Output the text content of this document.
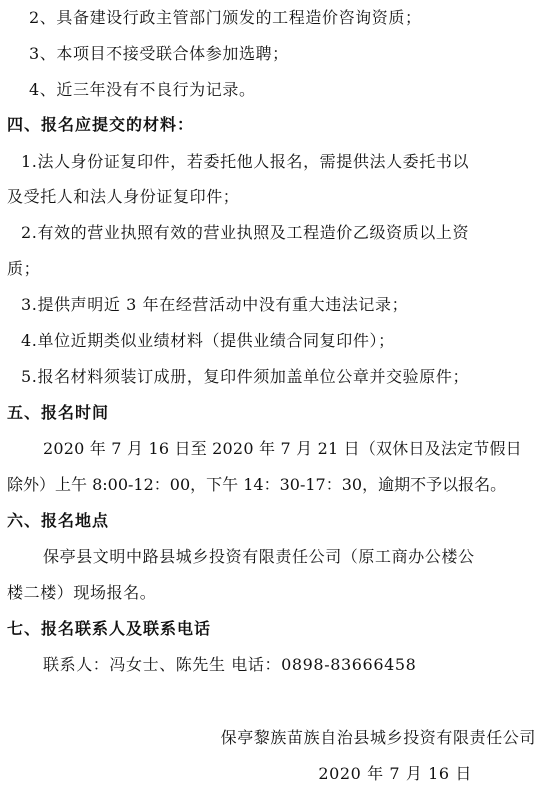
2、具备建设行政主管部门颁发的工程造价咨询资质；
3、本项目不接受联合体参加选聘；
4、近三年没有不良行为记录。
四、报名应提交的材料：
1.法人身份证复印件，若委托他人报名，需提供法人委托书以
及受托人和法人身份证复印件；
2.有效的营业执照有效的营业执照及工程造价乙级资质以上资
质；
3.提供声明近 3 年在经营活动中没有重大违法记录；
4.单位近期类似业绩材料（提供业绩合同复印件）；
5.报名材料须装订成册，复印件须加盖单位公章并交验原件；
五、报名时间
2020 年 7 月 16 日至 2020 年 7 月 21 日（双休日及法定节假日
除外）上午 8:00-12：00，下午 14：30-17：30，逾期不予以报名。
六、报名地点
保亭县文明中路县城乡投资有限责任公司（原工商办公楼公
楼二楼）现场报名。
七、报名联系人及联系电话
联系人：冯女士、陈先生 电话：0898-83666458
保亭黎族苗族自治县城乡投资有限责任公司
2020 年 7 月 16 日
